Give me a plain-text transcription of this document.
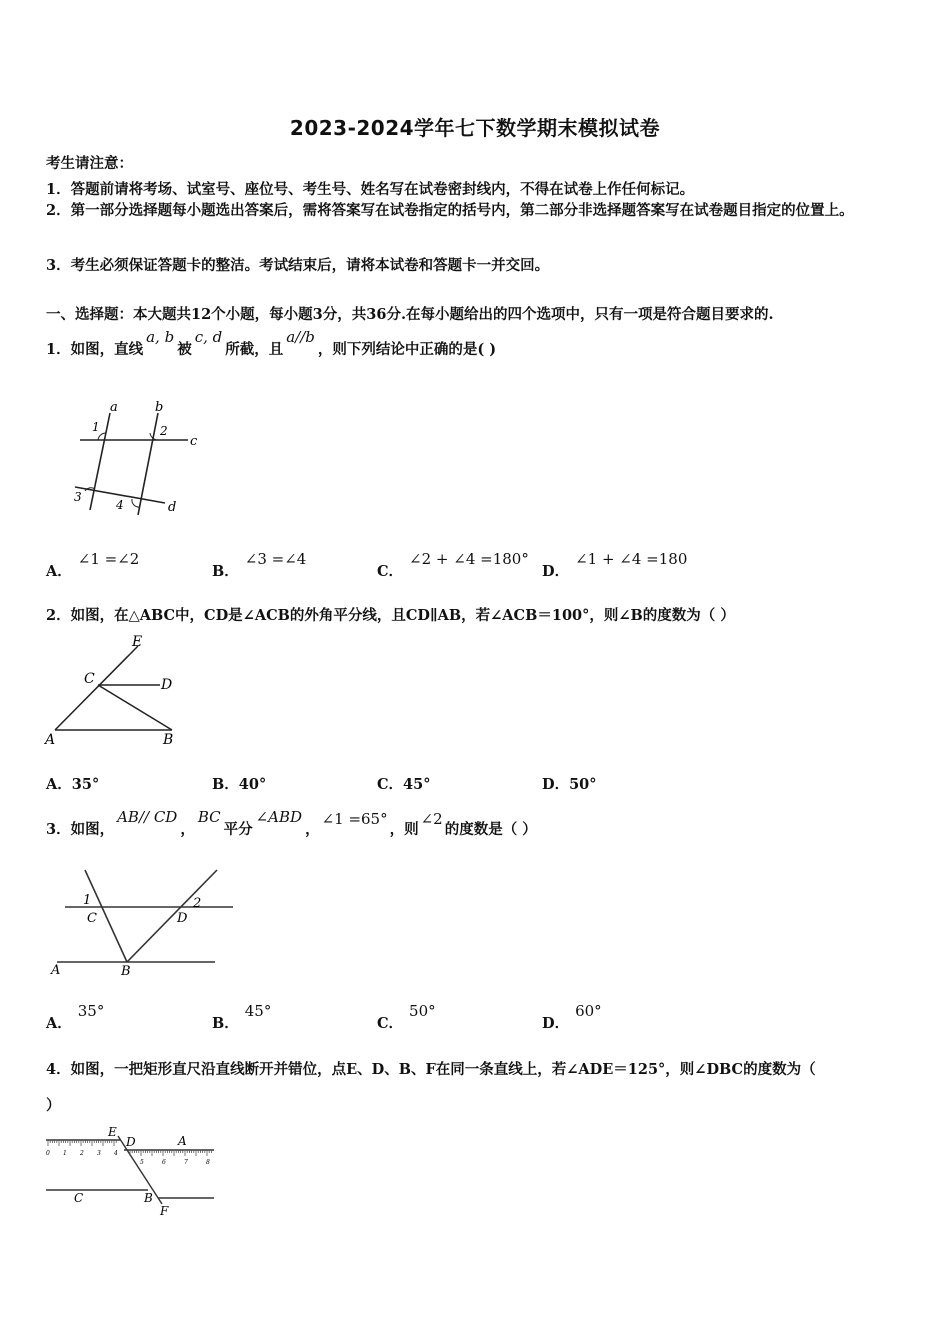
2023-2024学年七下数学期末模拟试卷
考生请注意：
1．答题前请将考场、试室号、座位号、考生号、姓名写在试卷密封线内，不得在试卷上作任何标记。
2．第一部分选择题每小题选出答案后，需将答案写在试卷指定的括号内，第二部分非选择题答案写在试卷题目指定的位置上。
3．考生必须保证答题卡的整洁。考试结束后，请将本试卷和答题卡一并交回。
一、选择题：本大题共12个小题，每小题3分，共36分.在每小题给出的四个选项中，只有一项是符合题目要求的.
1．如图，直线a, b被c, d所截，且a//b，则下列结论中正确的是( )
a	b
c
d
1	2
3
4
A．∠1 =∠2
B．∠3 =∠4
C．∠2 + ∠4 =180°
D．∠1 + ∠4 =180
2．如图，在△ABC中，CD是∠ACB的外角平分线，且CD∥AB，若∠ACB＝100°，则∠B的度数为（ ）
E
C	D
A	B
A．35°	B．40°	C．45°	D．50°
3．如图，AB// CD，BC平分∠ABD，∠1 =65°，则∠2的度数是（ ）
1	2
C	D
A	B
A．35°
B．45°
C．50°
D．60°
4．如图，一把矩形直尺沿直线断开并错位，点E、D、B、F在同一条直线上，若∠ADE＝125°，则∠DBC的度数为（
）
E
D	A
C	B
F
0 1 2 3 4
5	6	7	8
